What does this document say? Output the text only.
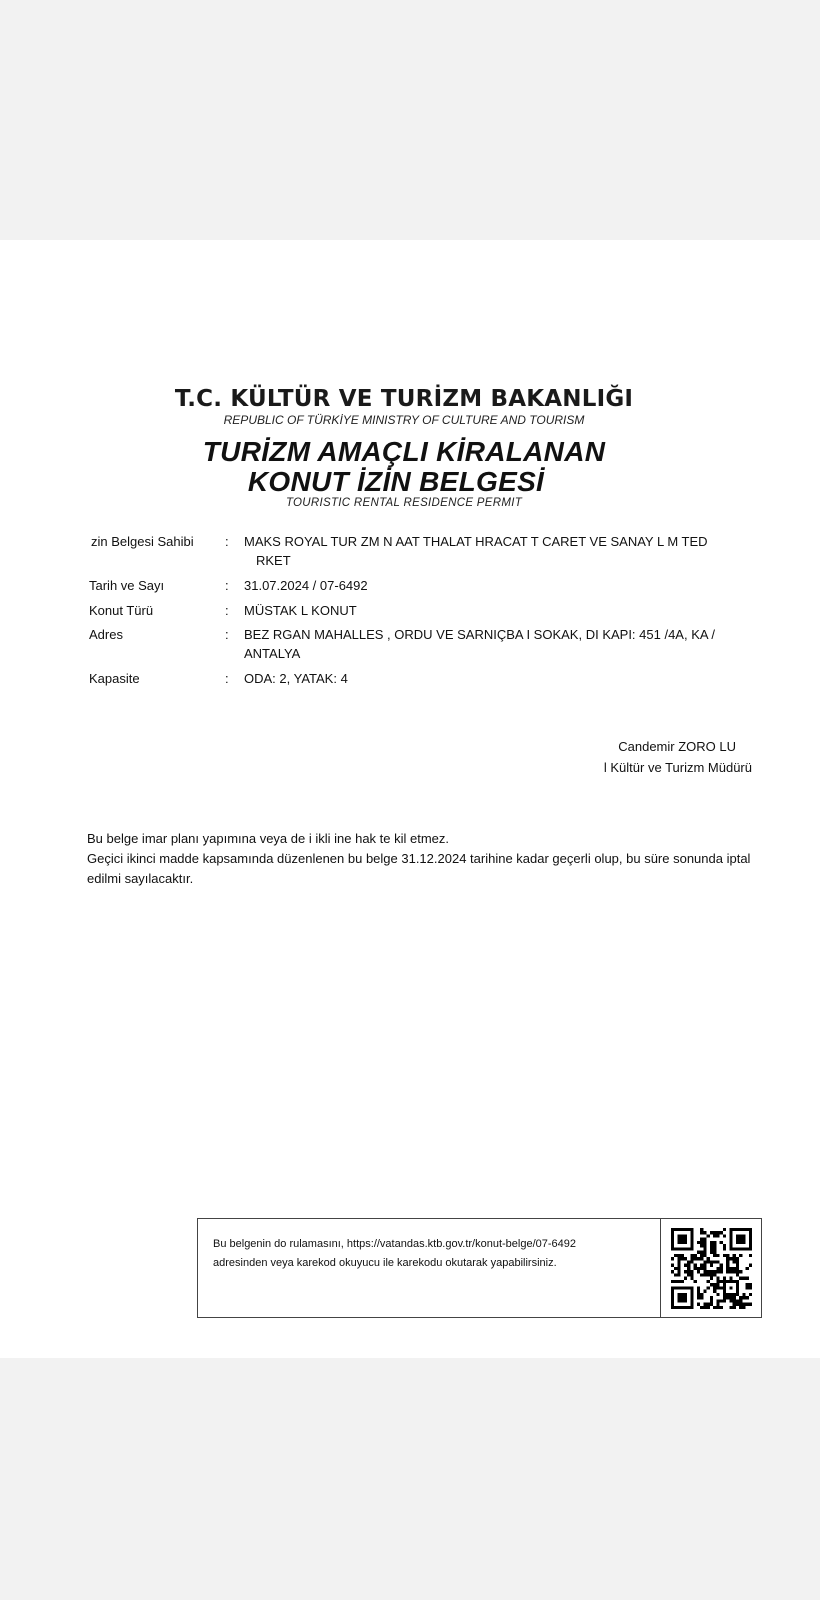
T.C. KÜLTÜR VE TURİZM BAKANLIĞI
REPUBLIC OF TÜRKİYE MINISTRY OF CULTURE AND TOURISM
TURİZM AMAÇLI KİRALANAN
KONUT İZİN BELGESİ
TOURISTIC RENTAL RESIDENCE PERMIT
zin Belgesi Sahibi : MAKS ROYAL TUR ZM N AAT THALAT HRACAT T CARET VE SANAY L M TED
RKET
Tarih ve Sayı	: 31.07.2024 / 07-6492
Konut Türü	: MÜSTAK L KONUT
Adres	: BEZ RGAN MAHALLES , ORDU VE SARNIÇBA I SOKAK, DI KAPI: 451 /4A, KA /
ANTALYA
Kapasite	: ODA: 2, YATAK: 4
Candemir ZORO LU
l Kültür ve Turizm Müdürü
Bu belge imar planı yapımına veya de i ikli ine hak te kil etmez.
Geçici ikinci madde kapsamında düzenlenen bu belge 31.12.2024 tarihine kadar geçerli olup, bu süre sonunda iptal edilmi sayılacaktır.
Bu belgenin do rulamasını, https://vatandas.ktb.gov.tr/konut-belge/07-6492
adresinden veya karekod okuyucu ile karekodu okutarak yapabilirsiniz.
